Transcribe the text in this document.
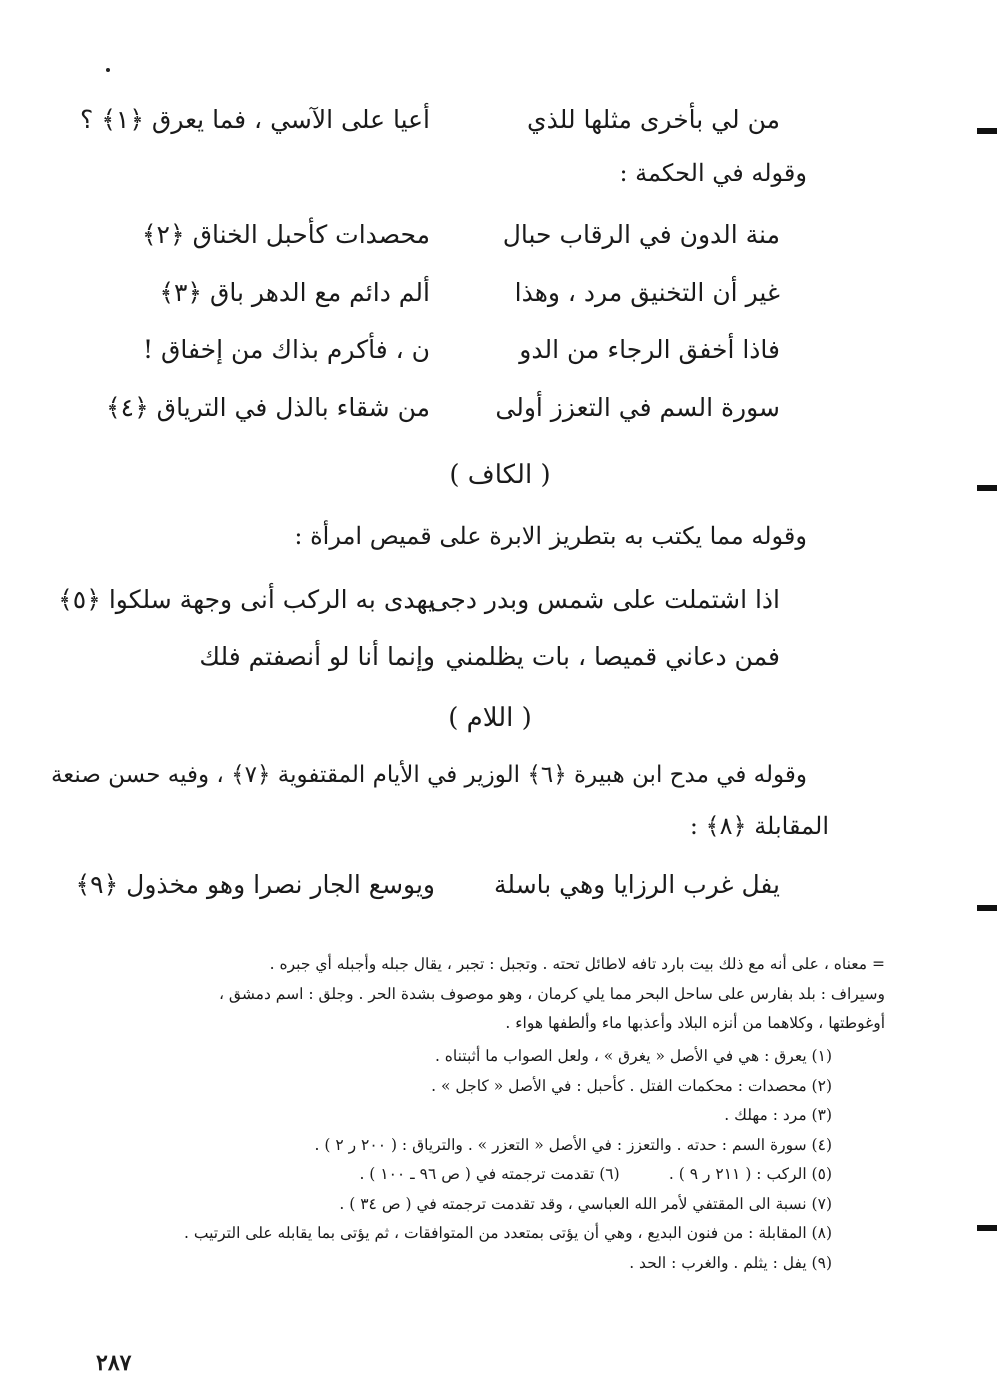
من لي بأخرى مثلها للذي
أعيا على الآسي ، فما يعرق ﴿١﴾ ؟
وقوله في الحكمة :
منة الدون في الرقاب حبال
محصدات كأحبل الخناق ﴿٢﴾
غير أن التخنيق مرد ، وهذا
ألم دائم مع الدهر باق ﴿٣﴾
فاذا أخفق الرجاء من الدو
ن ، فأكرم بذاك من إخفاق !
سورة السم في التعزز أولى
من شقاء بالذل في الترياق ﴿٤﴾
( الكاف )
وقوله مما يكتب به بتطريز الابرة على قميص امرأة :
اذا اشتملت على شمس وبدر دجى
يهدى به الركب أنى وجهة سلكوا ﴿٥﴾
فمن دعاني قميصا ، بات يظلمني
وإنما أنا لو أنصفتم فلك
( اللام )
وقوله في مدح ابن هبيرة ﴿٦﴾ الوزير في الأيام المقتفوية ﴿٧﴾ ، وفيه حسن صنعة
المقابلة ﴿٨﴾ :
يفل غرب الرزايا وهي باسلة
ويوسع الجار نصرا وهو مخذول ﴿٩﴾
= معناه ، على أنه مع ذلك بيت بارد تافه لاطائل تحته . وتجبل : تجبر ، يقال جبله وأجبله أي جبره .
وسيراف : بلد بفارس على ساحل البحر مما يلي كرمان ، وهو موصوف بشدة الحر . وجلق : اسم دمشق ،
أوغوطتها ، وكلاهما من أنزه البلاد وأعذبها ماء وألطفها هواء .
(١) يعرق : هي في الأصل « يغرق » ، ولعل الصواب ما أثبتناه .
(٢) محصدات : محكمات الفتل . كأحبل : في الأصل « كاجل » .
(٣) مرد : مهلك .
(٤) سورة السم : حدته . والتعزز : في الأصل « التعزر » . والترياق : ( ٢٠٠ ر ٢ ) .
(٥) الركب : ( ٢١١ ر ٩ ) .          (٦) تقدمت ترجمته في ( ص ٩٦ ـ ١٠٠ ) .
(٧) نسبة الى المقتفي لأمر الله العباسي ، وقد تقدمت ترجمته في ( ص ٣٤ ) .
(٨) المقابلة : من فنون البديع ، وهي أن يؤتى بمتعدد من المتوافقات ، ثم يؤتى بما يقابله على الترتيب .
(٩) يفل : يثلم . والغرب : الحد .
٢٨٧
